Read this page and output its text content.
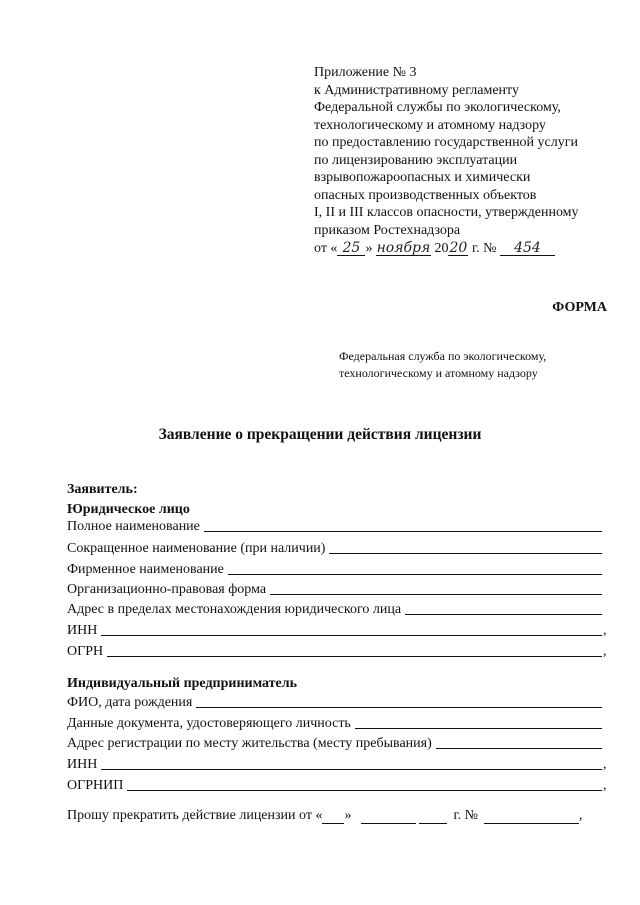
Приложение № 3
к Административному регламенту
Федеральной службы по экологическому,
технологическому и атомному надзору
по предоставлению государственной услуги
по лицензированию эксплуатации
взрывопожароопасных и химически
опасных производственных объектов
I, II и III классов опасности, утвержденному
приказом Ростехнадзора
от « 25 » ноября 2020 г. № 454
ФОРМА
Федеральная служба по экологическому,
технологическому и атомному надзору
Заявление о прекращении действия лицензии
Заявитель:
Юридическое лицо
Полное наименование
Сокращенное наименование (при наличии)
Фирменное наименование
Организационно-правовая форма
Адрес в пределах местонахождения юридического лица
ИНН	,
ОГРН	,
Индивидуальный предприниматель
ФИО, дата рождения
Данные документа, удостоверяющего личность
Адрес регистрации по месту жительства (месту пребывания)
ИНН	,
ОГРНИП	,
Прошу прекратить действие лицензии от « »	г. №	,
